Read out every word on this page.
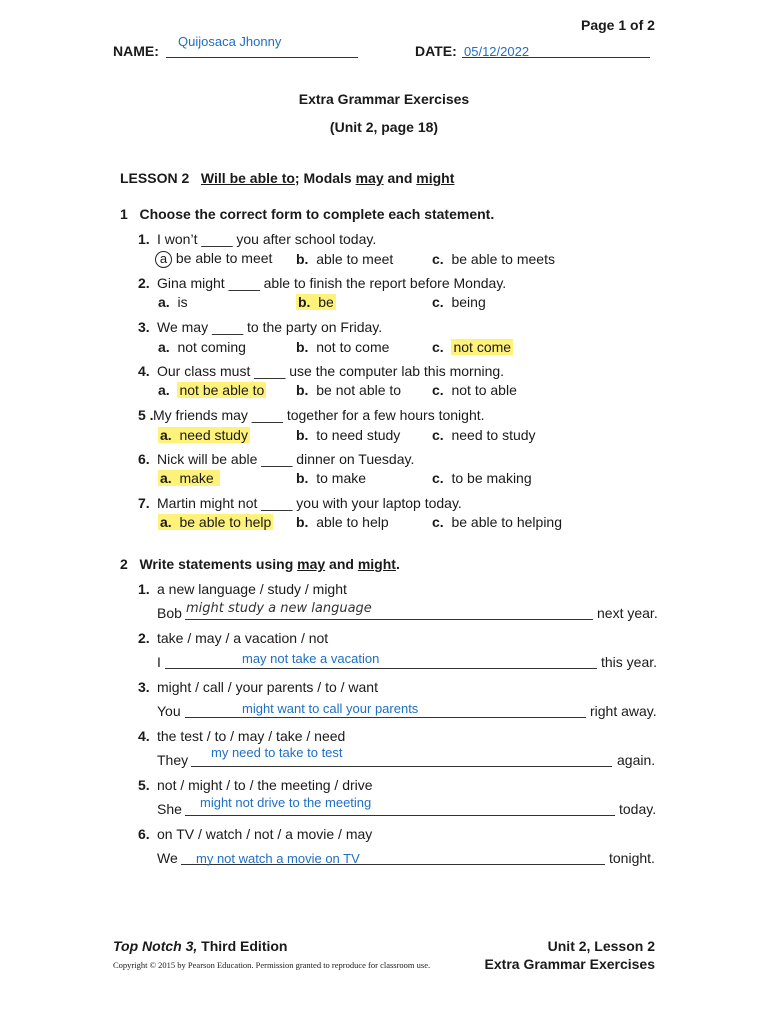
Page 1 of 2
NAME:
Quijosaca Jhonny
DATE: 05/12/2022
Extra Grammar Exercises
(Unit 2, page 18)
LESSON 2 Will be able to; Modals may and might
1 Choose the correct form to complete each statement.
1. I won’t ____ you after school today.
a be able to meet b. able to meet	c. be able to meets
2. Gina might ____ able to finish the report before Monday.
a. is	b. be	c. being
3. We may ____ to the party on Friday.
a. not coming	b. not to come	c. not come
4. Our class must ____ use the computer lab this morning.
a. not be able to b. be not able to c. not to able
5 . My friends may ____ together for a few hours tonight.
a. need study	b. to need study c. need to study
6. Nick will be able ____ dinner on Tuesday.
a. make	b. to make	c. to be making
7. Martin might not ____ you with your laptop today.
a. be able to help b. able to help	c. be able to helping
2 Write statements using may and might.
1. a new language / study / might
Bob might study a new language	next year.
2. take / may / a vacation / not
I	may not take a vacation	this year.
3. might / call / your parents / to / want
You	might want to call your parents	right away.
4. the test / to / may / take / need
They my need to take to test	again.
5. not / might / to / the meeting / drive
She might not drive to the meeting	today.
6. on TV / watch / not / a movie / may
We my not watch a movie on TV	tonight.
Top Notch 3, Third Edition
Copyright © 2015 by Pearson Education. Permission granted to reproduce for classroom use.
Unit 2, Lesson 2
Extra Grammar Exercises
